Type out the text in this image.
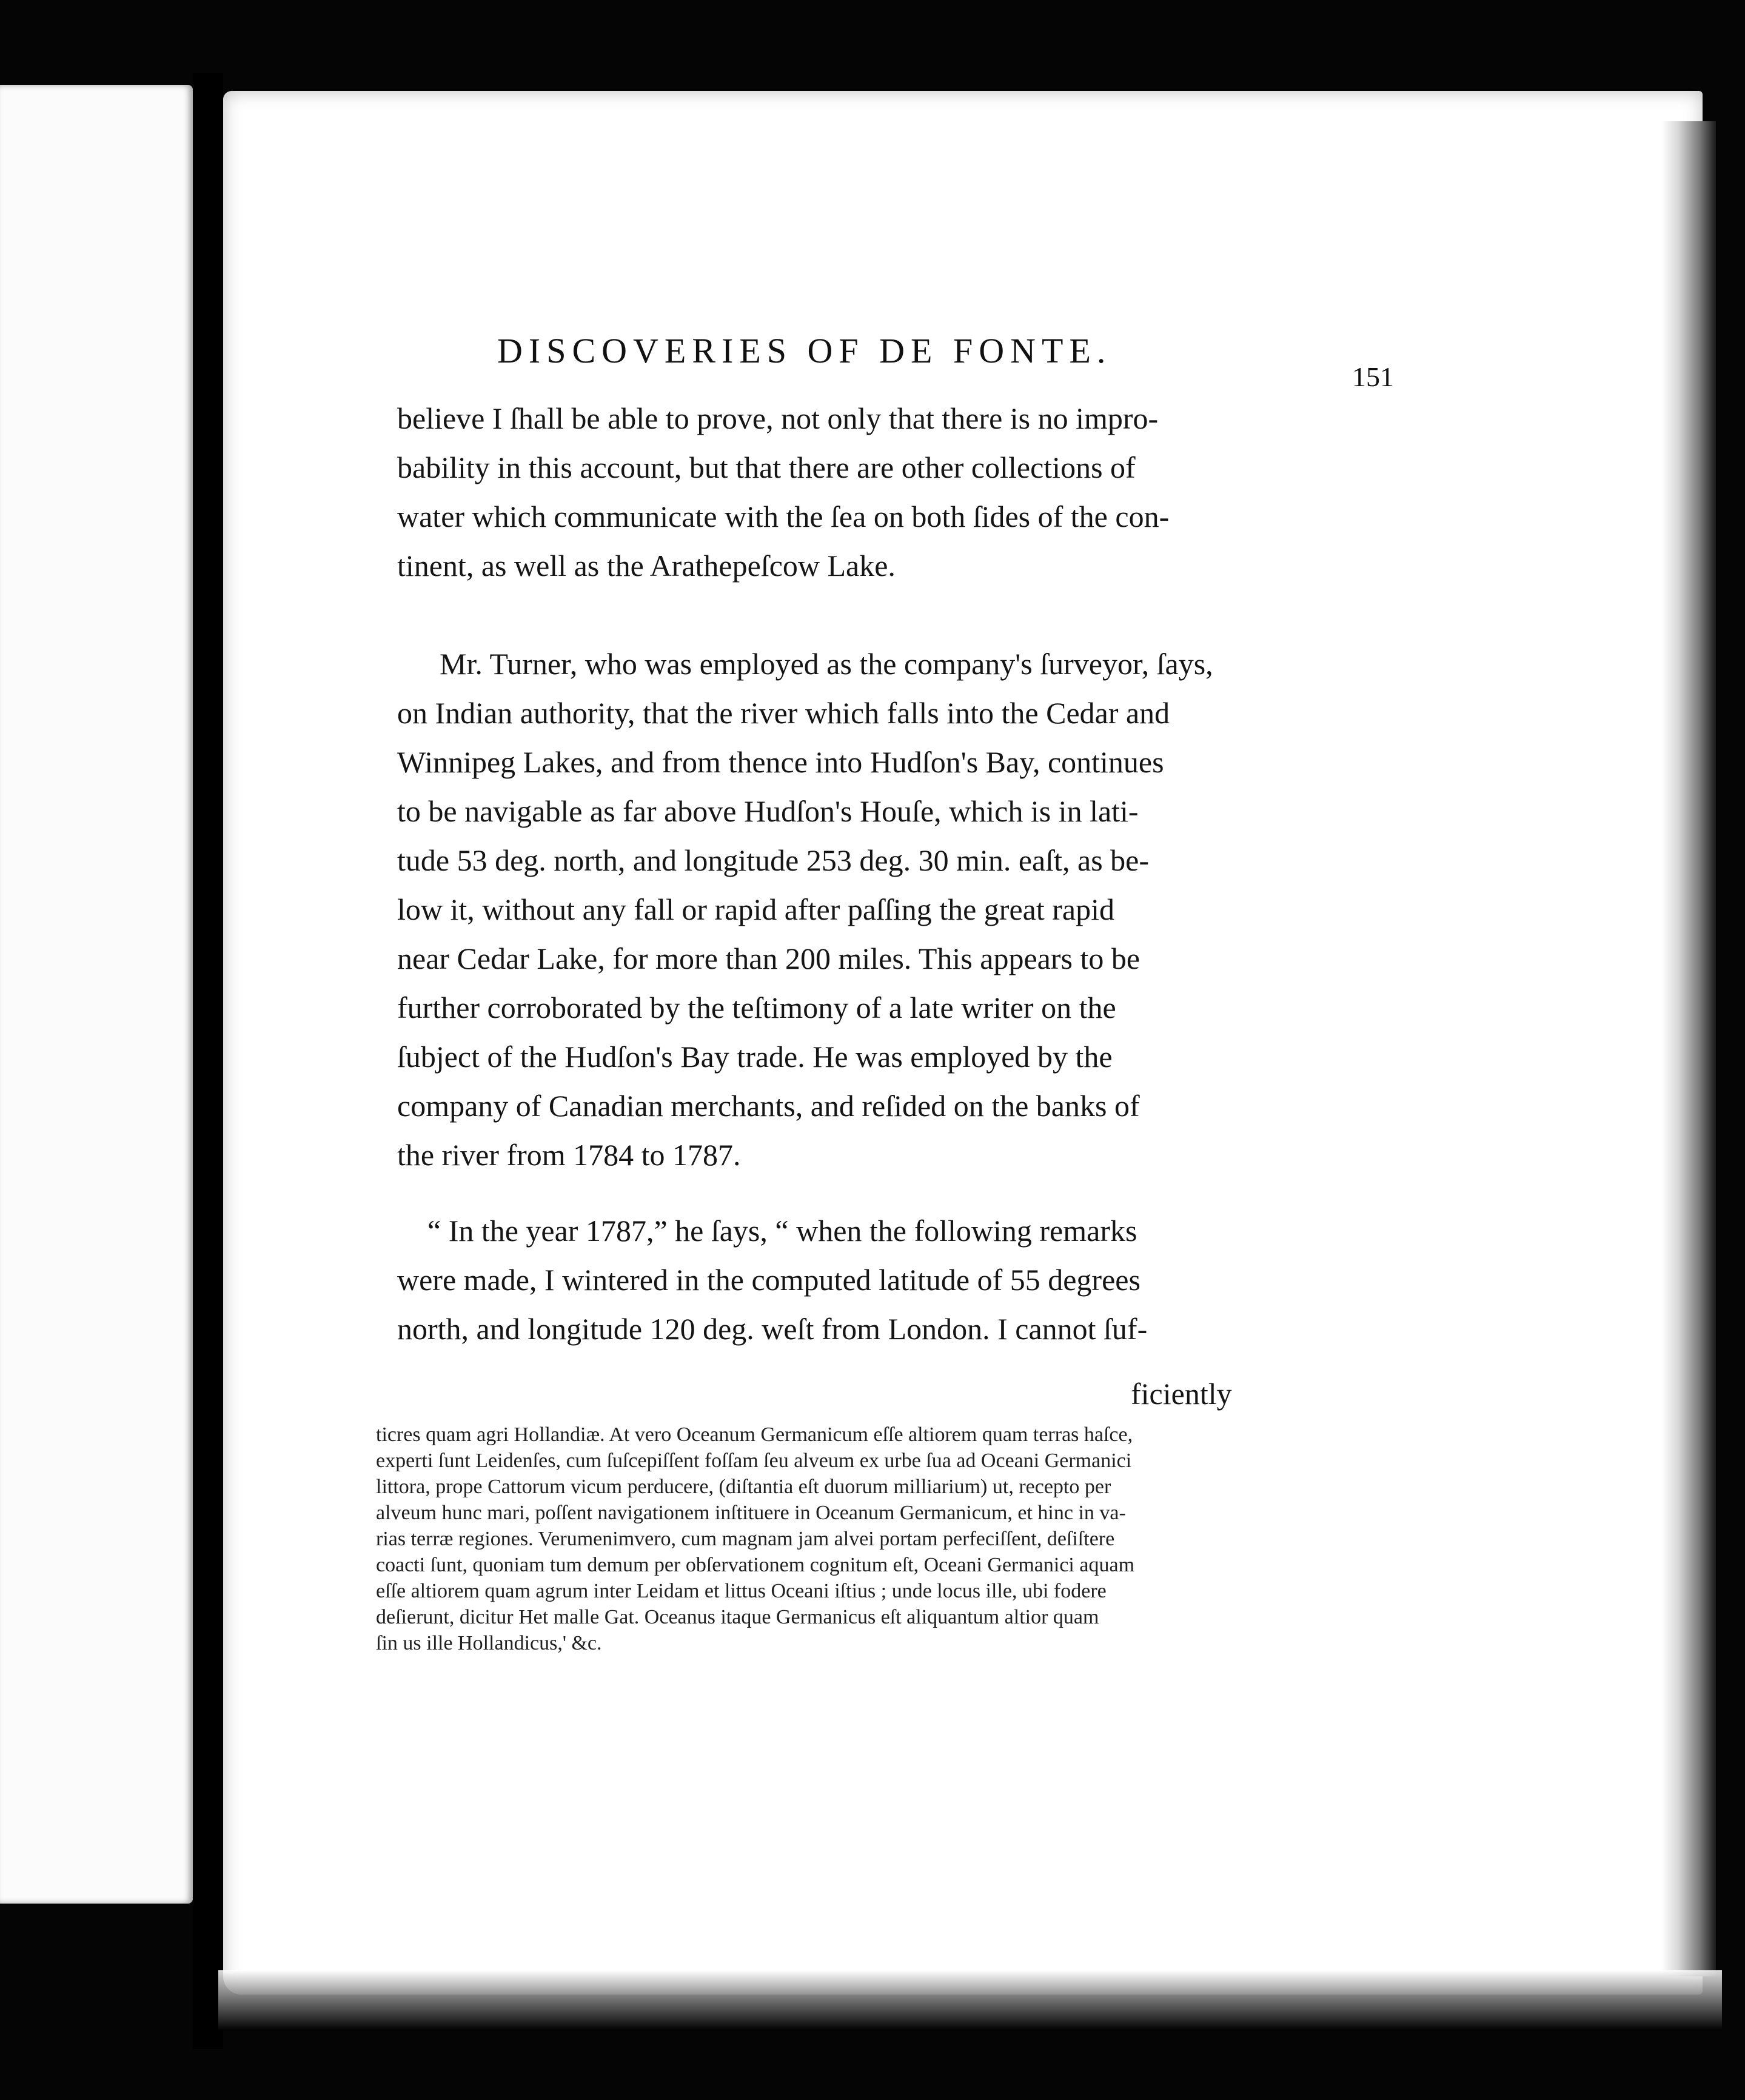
DISCOVERIES OF DE FONTE.
151
believe I ſhall be able to prove, not only that there is no impro-
bability in this account, but that there are other collections of
water which communicate with the ſea on both ſides of the con-
tinent, as well as the Arathepeſcow Lake.
Mr. Turner, who was employed as the company's ſurveyor, ſays,
on Indian authority, that the river which falls into the Cedar and
Winnipeg Lakes, and from thence into Hudſon's Bay, continues
to be navigable as far above Hudſon's Houſe, which is in lati-
tude 53 deg. north, and longitude 253 deg. 30 min. eaſt, as be-
low it, without any fall or rapid after paſſing the great rapid
near Cedar Lake, for more than 200 miles. This appears to be
further corroborated by the teſtimony of a late writer on the
ſubject of the Hudſon's Bay trade. He was employed by the
company of Canadian merchants, and reſided on the banks of
the river from 1784 to 1787.
“ In the year 1787,” he ſays, “ when the following remarks
were made, I wintered in the computed latitude of 55 degrees
north, and longitude 120 deg. weſt from London. I cannot ſuf-
ficiently
ticres quam agri Hollandiæ. At vero Oceanum Germanicum eſſe altiorem quam terras haſce,
experti ſunt Leidenſes, cum ſuſcepiſſent foſſam ſeu alveum ex urbe ſua ad Oceani Germanici
littora, prope Cattorum vicum perducere, (diſtantia eſt duorum milliarium) ut, recepto per
alveum hunc mari, poſſent navigationem inſtituere in Oceanum Germanicum, et hinc in va-
rias terræ regiones. Verumenimvero, cum magnam jam alvei portam perfeciſſent, deſiſtere
coacti ſunt, quoniam tum demum per obſervationem cognitum eſt, Oceani Germanici aquam
eſſe altiorem quam agrum inter Leidam et littus Oceani iſtius ; unde locus ille, ubi fodere
deſierunt, dicitur Het malle Gat. Oceanus itaque Germanicus eſt aliquantum altior quam
ſin us ille Hollandicus,' &c.
